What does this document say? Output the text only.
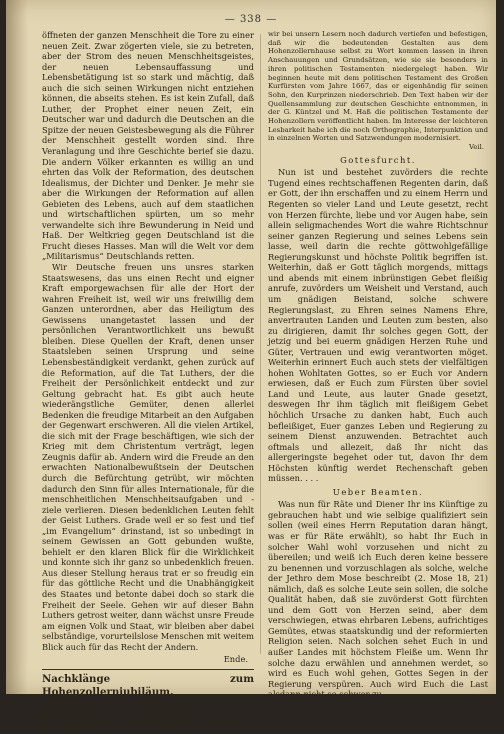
— 338 —

öffneten der ganzen Menschheit die Tore zu einer neuen Zeit. Zwar zögerten viele, sie zu betreten, aber der Strom des neuen Menschheitsgeistes, der neuen Lebensauffassung und Lebensbetätigung ist so stark und mächtig, daß auch die sich seinen Wirkungen nicht entziehen können, die abseits stehen. Es ist kein Zufall, daß Luther, der Prophet einer neuen Zeit, ein Deutscher war und dadurch die Deutschen an die Spitze der neuen Geistesbewegung als die Führer der Menschheit gestellt worden sind. Ihre Veranlagung und ihre Geschichte berief sie dazu. Die andern Völker erkannten es willig an und ehrten das Volk der Reformation, des deutschen Idealismus, der Dichter und Denker. Je mehr sie aber die Wirkungen der Reformation auf allen Gebieten des Lebens, auch auf dem staatlichen und wirtschaftlichen spürten, um so mehr verwandelte sich ihre Bewunderung in Neid und Haß. Der Weltkrieg gegen Deutschland ist die Frucht dieses Hasses. Man will die Welt vor dem „Militarismus“ Deutschlands retten.

Wir Deutsche freuen uns unsres starken Staatswesens, das uns einen Recht und eigner Kraft emporgewachsen für alle der Hort der wahren Freiheit ist, weil wir uns freiwillig dem Ganzen unterordnen, aber das Heiligtum des Gewissens unangetastet lassen und der persönlichen Verantwortlichkeit uns bewußt bleiben. Diese Quellen der Kraft, denen unser Staatsleben seinen Ursprung und seine Lebensbeständigkeit verdankt, gehen zurück auf die Reformation, auf die Tat Luthers, der die Freiheit der Persönlichkeit entdeckt und zur Geltung gebracht hat. Es gibt auch heute wiederängstliche Gemüter, denen allerlei Bedenken die freudige Mitarbeit an den Aufgaben der Gegenwart erschweren. All die vielen Artikel, die sich mit der Frage beschäftigen, wie sich der Krieg mit dem Christentum verträgt, legen Zeugnis dafür ab. Andern wird die Freude an den erwachten Nationalbewußtsein der Deutschen durch die Befürchtung getrübt, wir möchten dadurch den Sinn für alles Internationale, für die menschheitlichen Menschheitsaufgaben und -ziele verlieren. Diesen bedenklichen Leuten fehlt der Geist Luthers. Grade weil er so fest und tief „im Evangelium“ drinstand, ist so unbedingt in seinem Gewissen an Gott gebunden wußte, behielt er den klaren Blick für die Wirklichkeit und konnte sich ihr ganz so unbedenklich freuen. Aus dieser Stellung heraus trat er so freudig ein für das göttliche Recht und die Unabhängigkeit des Staates und betonte dabei doch so stark die Freiheit der Seele. Gehen wir auf dieser Bahn Luthers getrost weiter, dann wächst unsre Freude am eignen Volk und Staat, wir bleiben aber dabei selbständige, vorurteilslose Menschen mit weitem Blick auch für das Recht der Andern.

Ende.
Nachklänge zum Hohenzollernjubiläum.

Vorbemerkung: Die festliche Anregung und die Anhänglichkeit an unser Herrscherhaus, die bei dem fünfhundertjährigen Hohenzollernjubiläum zu Tage getreten ist, möchten

wir bei unsern Lesern noch dadurch vertiefen und befestigen, daß wir die bedeutenden Gestalten aus dem Hohenzollernhause selbst zu Wort kommen lassen in ihren Anschauungen und Grundsätzen, wie sie sie besonders in ihren politischen Testamenten niedergelegt haben. Wir beginnen heute mit dem politischen Testament des Großen Kurfürsten vom Jahre 1667, das er eigenhändig für seinen Sohn, den Kurprinzen niederschrieb. Den Text haben wir der Quellensammlung zur deutschen Geschichte entnommen, in der G. Küntzel und M. Haß die politischen Testamente der Hohenzollern veröffentlicht haben. Im Interesse der leichteren Lesbarkeit habe ich die noch Orthographie, Interpunktion und in einzelnen Worten und Satzwendungen modernisiert.

Veil.
Gottesfurcht.

Nun ist und bestehet zuvörders die rechte Tugend eines rechtschaffenen Regenten darin, daß er Gott, der ihn erschaffen und zu einem Herrn und Regenten so vieler Land und Leute gesetzt, recht von Herzen fürchte, liebe und vor Augen habe, sein allein seligmachendes Wort die wahre Richtschnur seiner ganzen Regierung und seines Lebens sein lasse, weil darin die rechte göttwohlgefällige Regierungskunst und höchste Politik begriffen ist. Weiterhin, daß er Gott täglich morgends, mittags und abends mit einem inbrünstigen Gebet fleißig anrufe, zuvörders um Weisheit und Verstand, auch um gnädigen Beistand, solche schwere Regierungslast, zu Ehren seines Namens Ehre, anvertrauten Landen und Leuten zum besten, also zu dirigieren, damit Ihr solches gegen Gott, der jetzig und bei euerm gnädigen Herzen Ruhe und Güter, Vertrauen und ewig verantworten möget. Weiterhin erinnert Euch auch stets der vielfältigen hohen Wohltaten Gottes, so er Euch vor Andern erwiesen, daß er Euch zum Fürsten über soviel Land und Leute, aus lauter Gnade gesetzt, deswegen Ihr ihm täglich mit fleißigem Gebet höchlich Ursache zu danken habt, Euch auch befleißiget, Euer ganzes Leben und Regierung zu seinem Dienst anzuwenden. Betrachtet auch oftmals und allezeit, daß Ihr nicht das allergeringste begehet oder tut, davon Ihr dem Höchsten künftig werdet Rechenschaft geben müssen. . . .

Ueber Beamten.

Was nun für Räte und Diener Ihr ins Künftige zu gebrauchen habt und wie selbige qualifiziert sein sollen (weil eines Herrn Reputation daran hängt, was er für Räte erwählt), so habt Ihr Euch in solcher Wahl wohl vorzusehen und nicht zu übereilen; und weiß ich Euch deren keine bessere zu benennen und vorzuschlagen als solche, welche der Jethro dem Mose beschreibt (2. Mose 18, 21) nämlich, daß es solche Leute sein sollen, die solche Qualität haben, daß sie zuvörderst Gott fürchten und dem Gott von Herzen seind, aber dem verschwiegen, etwas ehrbaren Lebens, aufrichtiges Gemütes, etwas staatskundig und der reformierten Religion seien. Nach solchen sehet Euch in und außer Landes mit höchstem Fleiße um. Wenn Ihr solche dazu erwählen und annehmen werdet, so wird es Euch wohl gehen, Gottes Segen in der Regierung verspüren. Auch wird Euch die Last alsdann nicht so schwer zu
